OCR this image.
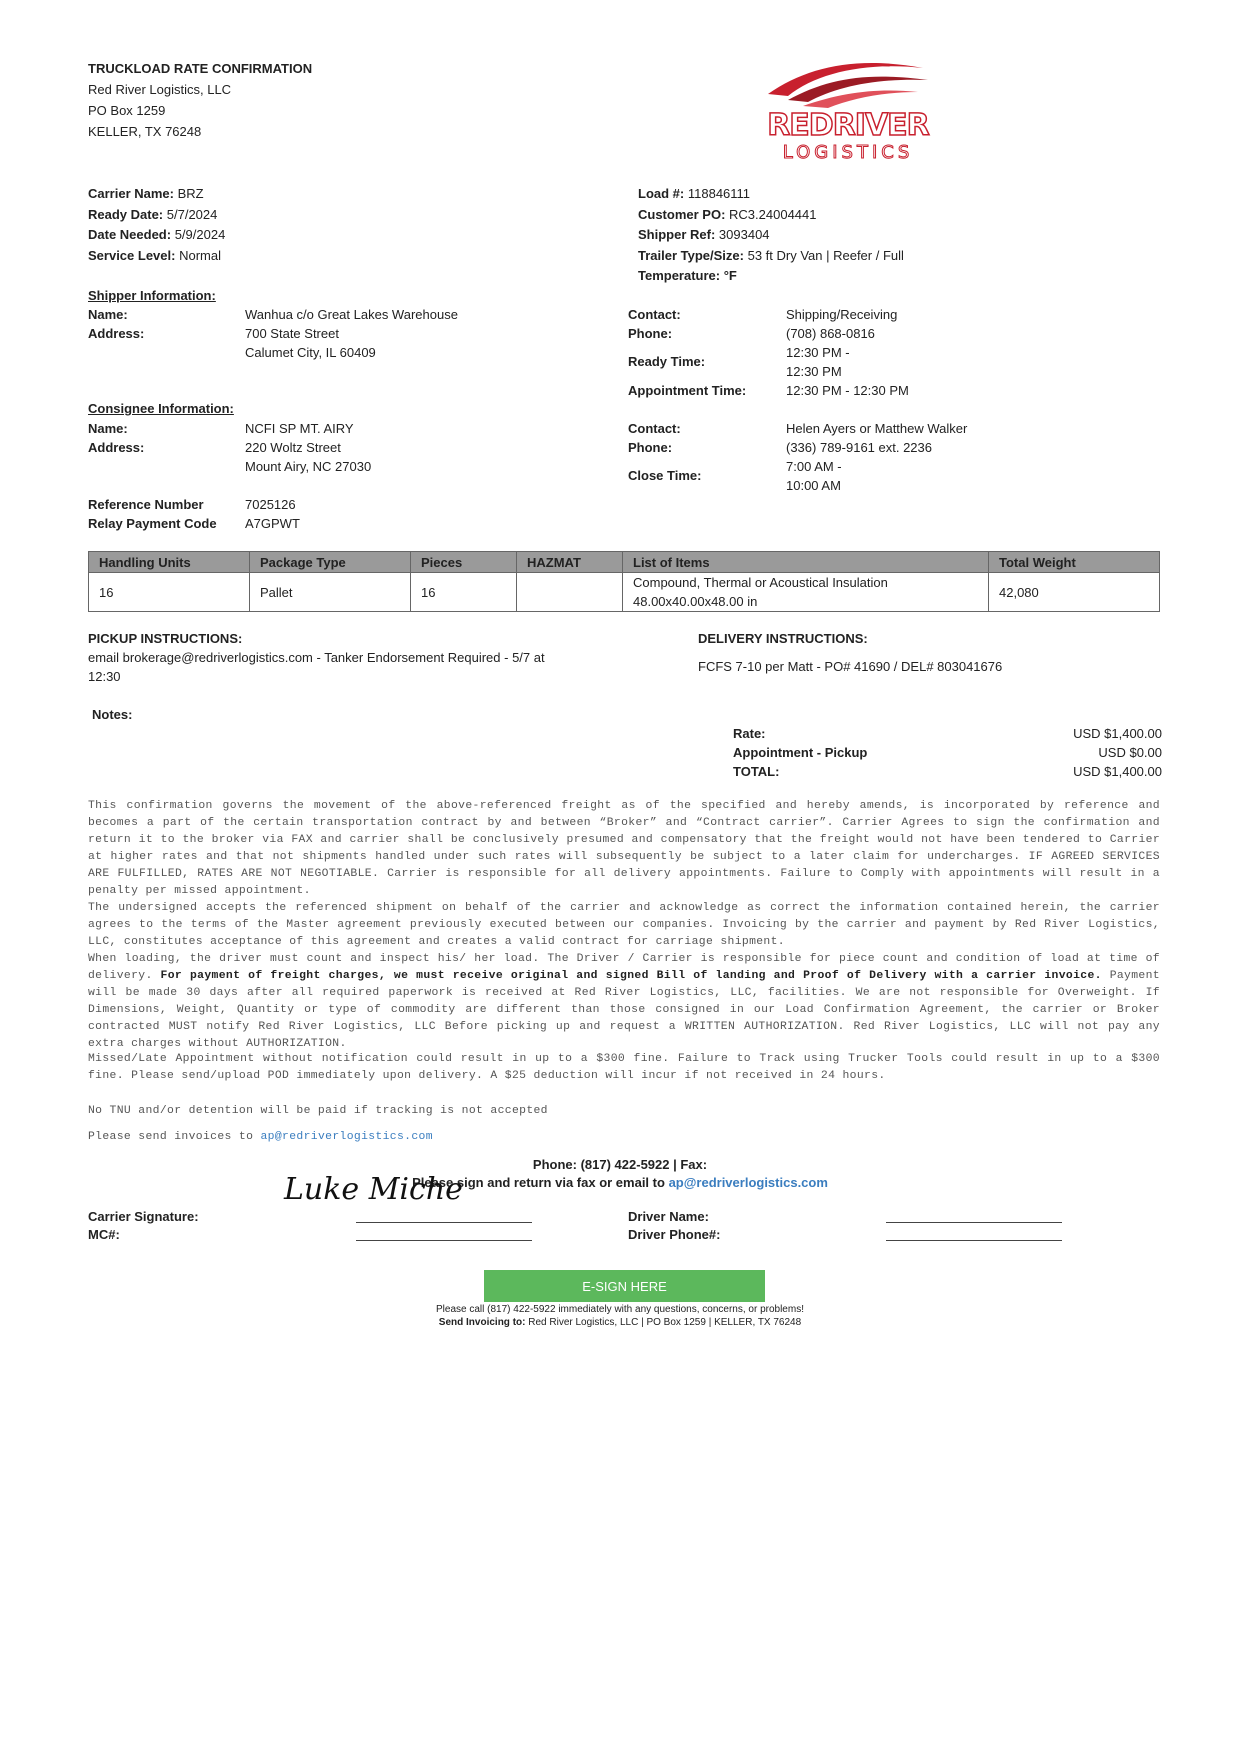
TRUCKLOAD RATE CONFIRMATION
Red River Logistics, LLC
PO Box 1259
KELLER, TX 76248	REDRIVER
LOGISTICS
Carrier Name: BRZ
Ready Date: 5/7/2024
Date Needed: 5/9/2024
Service Level: Normal
Load #: 118846111
Customer PO: RC3.24004441
Shipper Ref: 3093404
Trailer Type/Size: 53 ft Dry Van | Reefer / Full
Temperature: °F
Shipper Information:
Name:	Wanhua c/o Great Lakes Warehouse
Address:	700 State Street
Calumet City, IL 60409
Contact:	Shipping/Receiving
Phone:	(708) 868-0816
Ready Time:
12:30 PM -
12:30 PM
Appointment Time:	12:30 PM - 12:30 PM
Consignee Information:
Name:	NCFI SP MT. AIRY
Address:	220 Woltz Street
Mount Airy, NC 27030
Contact:	Helen Ayers or Matthew Walker
Phone:	(336) 789-9161 ext. 2236
Close Time:
7:00 AM -
10:00 AM
Reference Number	7025126
Relay Payment Code A7GPWT
Handling Units	Package Type	Pieces	HAZMAT	List of Items	Total Weight
16	Pallet	16		Compound, Thermal or Acoustical Insulation
48.00x40.00x48.00 in	42,080
PICKUP INSTRUCTIONS:
email brokerage@redriverlogistics.com - Tanker Endorsement Required - 5/7 at
12:30
DELIVERY INSTRUCTIONS:
FCFS 7-10 per Matt - PO# 41690 / DEL# 803041676
Notes:
Rate:	USD $1,400.00
Appointment - Pickup	USD $0.00
TOTAL:	USD $1,400.00
This confirmation governs the movement of the above-referenced freight as of the specified and hereby amends, is incorporated by reference and becomes a part of the certain transportation contract by and between “Broker” and “Contract carrier”. Carrier Agrees to sign the confirmation and return it to the broker via FAX and carrier shall be conclusively presumed and compensatory that the freight would not have been tendered to Carrier at higher rates and that not shipments handled under such rates will subsequently be subject to a later claim for undercharges. IF AGREED SERVICES ARE FULFILLED, RATES ARE NOT NEGOTIABLE. Carrier is responsible for all delivery appointments. Failure to Comply with appointments will result in a penalty per missed appointment.
The undersigned accepts the referenced shipment on behalf of the carrier and acknowledge as correct the information contained herein, the carrier agrees to the terms of the Master agreement previously executed between our companies. Invoicing by the carrier and payment by Red River Logistics, LLC, constitutes acceptance of this agreement and creates a valid contract for carriage shipment.
When loading, the driver must count and inspect his/ her load. The Driver / Carrier is responsible for piece count and condition of load at time of delivery. For payment of freight charges, we must receive original and signed Bill of landing and Proof of Delivery with a carrier invoice. Payment will be made 30 days after all required paperwork is received at Red River Logistics, LLC, facilities. We are not responsible for Overweight. If Dimensions, Weight, Quantity or type of commodity are different than those consigned in our Load Confirmation Agreement, the carrier or Broker contracted MUST notify Red River Logistics, LLC Before picking up and request a WRITTEN AUTHORIZATION. Red River Logistics, LLC will not pay any extra charges without AUTHORIZATION.
Missed/Late Appointment without notification could result in up to a $300 fine. Failure to Track using Trucker Tools could result in up to a $300 fine. Please send/upload POD immediately upon delivery. A $25 deduction will incur if not received in 24 hours.
No TNU and/or detention will be paid if tracking is not accepted
Please send invoices to ap@redriverlogistics.com
Phone: (817) 422-5922 | Fax:
Please sign and return via fax or email to ap@redriverlogistics.com
Luke Miche
Carrier Signature:
MC#:
Driver Name:
Driver Phone#:
E-SIGN HERE
Please call (817) 422-5922 immediately with any questions, concerns, or problems!
Send Invoicing to: Red River Logistics, LLC | PO Box 1259 | KELLER, TX 76248
